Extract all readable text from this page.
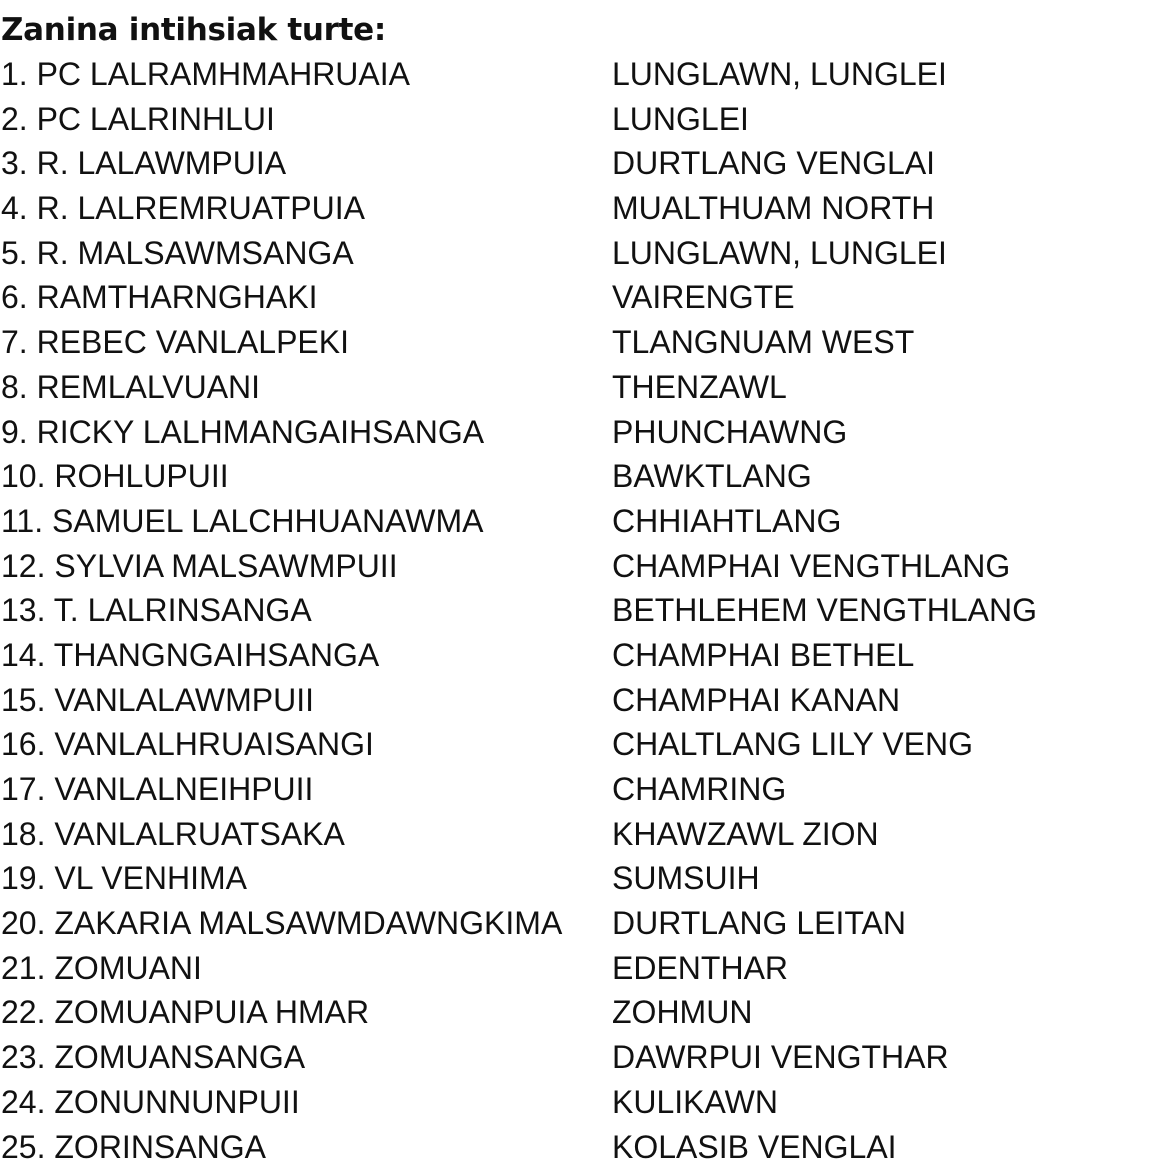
Zanina intihsiak turte:
1. PC LALRAMHMAHRUAIA	LUNGLAWN, LUNGLEI
2. PC LALRINHLUI	LUNGLEI
3. R. LALAWMPUIA	DURTLANG VENGLAI
4. R. LALREMRUATPUIA	MUALTHUAM NORTH
5. R. MALSAWMSANGA	LUNGLAWN, LUNGLEI
6. RAMTHARNGHAKI	VAIRENGTE
7. REBEC VANLALPEKI	TLANGNUAM WEST
8. REMLALVUANI	THENZAWL
9. RICKY LALHMANGAIHSANGA	PHUNCHAWNG
10. ROHLUPUII	BAWKTLANG
11. SAMUEL LALCHHUANAWMA	CHHIAHTLANG
12. SYLVIA MALSAWMPUII	CHAMPHAI VENGTHLANG
13. T. LALRINSANGA	BETHLEHEM VENGTHLANG
14. THANGNGAIHSANGA	CHAMPHAI BETHEL
15. VANLALAWMPUII	CHAMPHAI KANAN
16. VANLALHRUAISANGI	CHALTLANG LILY VENG
17. VANLALNEIHPUII	CHAMRING
18. VANLALRUATSAKA	KHAWZAWL ZION
19. VL VENHIMA	SUMSUIH
20. ZAKARIA MALSAWMDAWNGKIMA	DURTLANG LEITAN
21. ZOMUANI	EDENTHAR
22. ZOMUANPUIA HMAR	ZOHMUN
23. ZOMUANSANGA	DAWRPUI VENGTHAR
24. ZONUNNUNPUII	KULIKAWN
25. ZORINSANGA	KOLASIB VENGLAI
